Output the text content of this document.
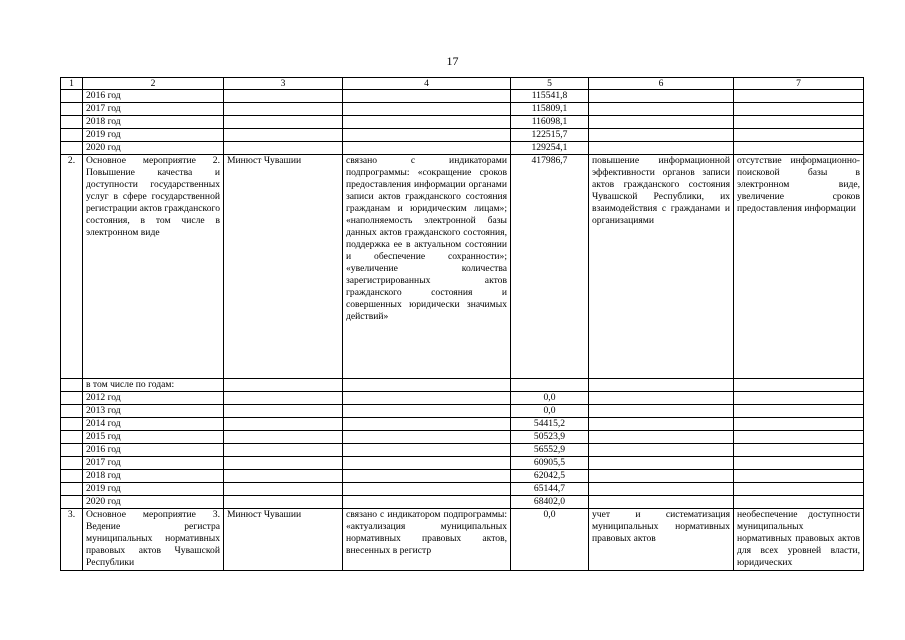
17
1	2	3	4	5	6	7
	2016 год			115541,8		
	2017 год			115809,1		
	2018 год			116098,1		
	2019 год			122515,7		
	2020 год			129254,1		
2.	Основное мероприятие 2. Повышение качества и доступности государственных услуг в сфере государственной регистрации актов гражданского состояния, в том числе в электронном виде	Минюст Чувашии	связано с индикаторами подпрограммы: «сокращение сроков предоставления информации органами записи актов гражданского состояния гражданам и юридическим лицам»; «наполняемость электронной базы данных актов гражданского состояния, поддержка ее в актуальном состоянии и обеспечение сохранности»; «увеличение количества зарегистрированных актов гражданского состояния и совершенных юридически значимых действий»	417986,7	повышение информационной эффективности органов записи актов гражданского состояния Чувашской Республики, их взаимодействия с гражданами и организациями	отсутствие информационно-поисковой базы в электронном виде, увеличение сроков предоставления информации
	в том числе по годам:					
	2012 год			0,0		
	2013 год			0,0		
	2014 год			54415,2		
	2015 год			50523,9		
	2016 год			56552,9		
	2017 год			60905,5		
	2018 год			62042,5		
	2019 год			65144,7		
	2020 год			68402,0		
3.	Основное мероприятие 3. Ведение регистра муниципальных нормативных правовых актов Чувашской Республики	Минюст Чувашии	связано с индикатором подпрограммы: «актуализация муниципальных нормативных правовых актов, внесенных в регистр	0,0	учет и систематизация муниципальных нормативных правовых актов	необеспечение доступности муниципальных нормативных правовых актов для всех уровней власти, юридических
